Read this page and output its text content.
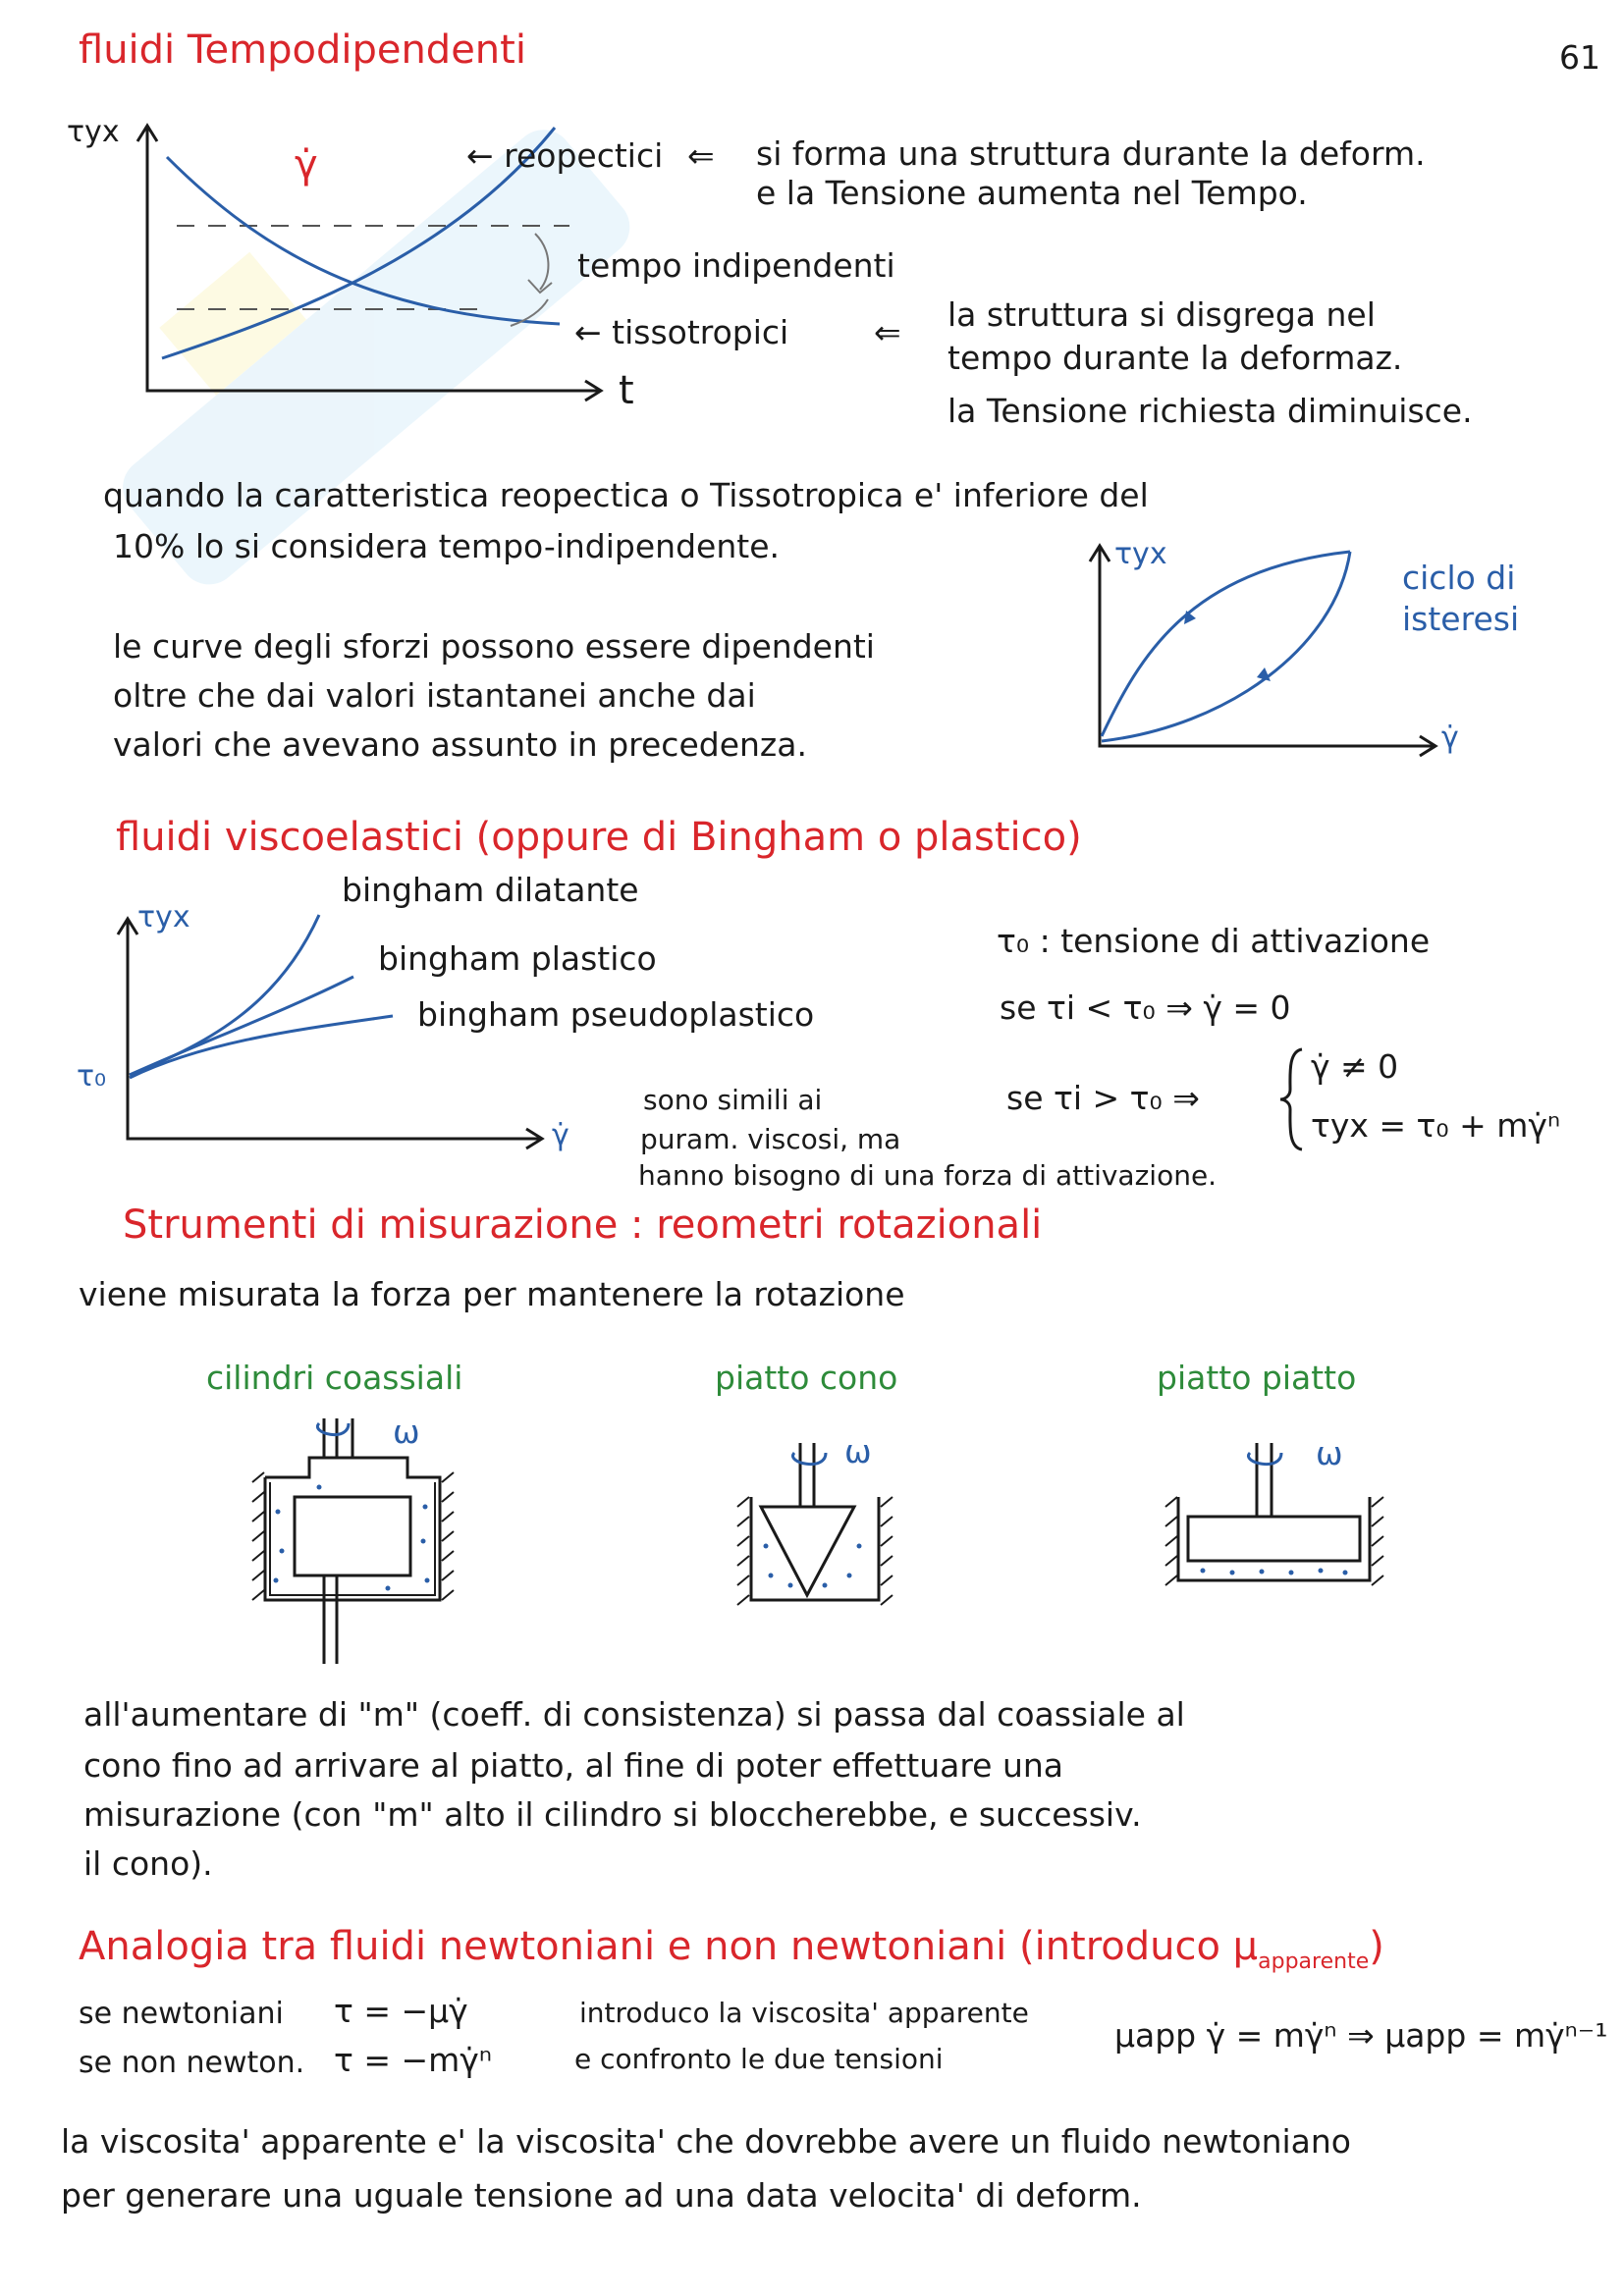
61
fluidi Tempodipendenti
τyx
γ̇
t
← reopectici ⇐ si forma una struttura durante la deform.
e la Tensione aumenta nel Tempo.
tempo indipendenti
← tissotropici	⇐ la struttura si disgrega nel
tempo durante la deformaz.
la Tensione richiesta diminuisce.
quando la caratteristica reopectica o Tissotropica e' inferiore del
10% lo si considera tempo-indipendente.
le curve degli sforzi possono essere dipendenti
oltre che dai valori istantanei anche dai
valori che avevano assunto in precedenza.
τyx
γ̇
ciclo di
isteresi
fluidi viscoelastici (oppure di Bingham o plastico)
τyx
τ₀
γ̇
bingham dilatante
bingham plastico
bingham pseudoplastico
τ₀ : tensione di attivazione
se τi < τ₀ ⇒ γ̇ = 0
se τi > τ₀ ⇒
γ̇ ≠ 0
τyx = τ₀ + mγ̇ⁿ
sono simili ai
puram. viscosi, ma
hanno bisogno di una forza di attivazione.
Strumenti di misurazione : reometri rotazionali
viene misurata la forza per mantenere la rotazione
cilindri coassiali	piatto cono	piatto piatto
ω
ω	ω
all'aumentare di "m" (coeff. di consistenza) si passa dal coassiale al
cono fino ad arrivare al piatto, al fine di poter effettuare una
misurazione (con "m" alto il cilindro si bloccherebbe, e successiv.
il cono).
Analogia tra fluidi newtoniani e non newtoniani (introduco $\mu_{apparente}$)
se newtoniani τ = −μγ̇
se non newton. τ = −mγ̇ⁿ
introduco la viscosita' apparente
e confronto le due tensioni
μapp γ̇ = mγ̇ⁿ ⇒ μapp = mγ̇ⁿ⁻¹
la viscosita' apparente e' la viscosita' che dovrebbe avere un fluido newtoniano
per generare una uguale tensione ad una data velocita' di deform.
